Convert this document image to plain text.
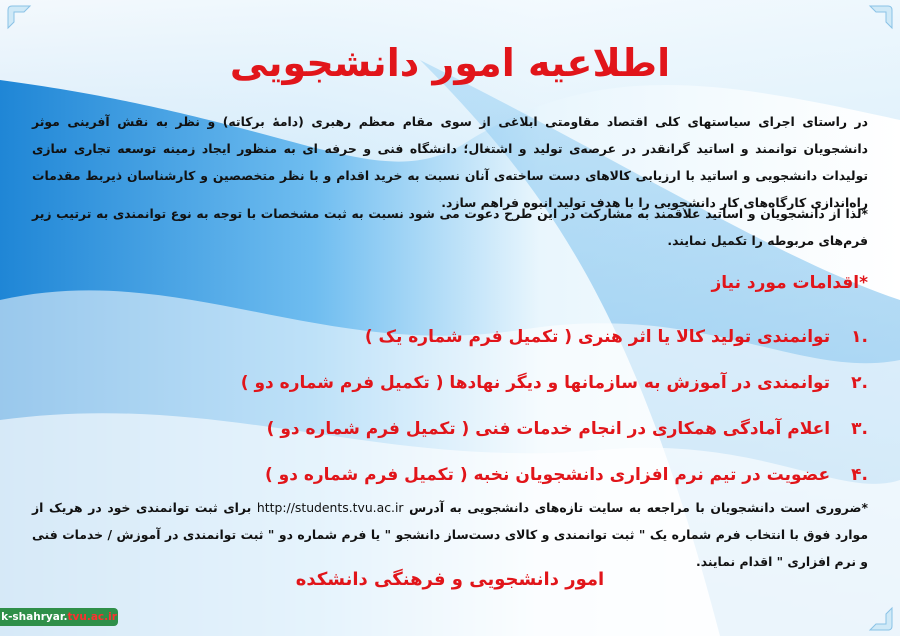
اطلاعیه امور دانشجویی
در راستای اجرای سیاستهای کلی اقتصاد مقاومتی ابلاغی از سوی مقام معظم رهبری (دامهٔ برکاته) و نظر به نقش آفرینی موثر دانشجویان توانمند و اساتید گرانقدر در عرصه‌ی تولید و اشتغال؛ دانشگاه فنی و حرفه ای به منظور ایجاد زمینه توسعه تجاری سازی تولیدات دانشجویی و اساتید با ارزیابی کالاهای دست ساخته‌ی آنان نسبت به خرید اقدام و با نظر متخصصین و کارشناسان ذیربط مقدمات راه‌اندازی کارگاه‌های کار دانشجویی را با هدف تولید انبوه فراهم سازد.
*لذا از دانشجویان و اساتید علاقمند به مشارکت در این طرح دعوت می شود نسبت به ثبت مشخصات با توجه به نوع توانمندی به ترتیب زیر فرم‌های مربوطه را تکمیل نمایند.
*اقدامات مورد نیاز
.۱ توانمندی تولید کالا یا اثر هنری ( تکمیل فرم شماره یک )
.۲ توانمندی در آموزش به سازمانها و دیگر نهادها ( تکمیل فرم شماره دو )
.۳ اعلام آمادگی همکاری در انجام خدمات فنی ( تکمیل فرم شماره دو )
.۴ عضویت در تیم نرم افزاری دانشجویان نخبه ( تکمیل فرم شماره دو )
*ضروری است دانشجویان با مراجعه به سایت تازه‌های دانشجویی به آدرس http://students.tvu.ac.ir برای ثبت توانمندی خود در هریک از موارد فوق با انتخاب فرم شماره یک " ثبت توانمندی و کالای دست‌ساز دانشجو " یا فرم شماره دو " ثبت توانمندی در آموزش / خدمات فنی و نرم افزاری " اقدام نمایند.
امور دانشجویی و فرهنگی دانشکده
k-shahryar.tvu.ac.ir
